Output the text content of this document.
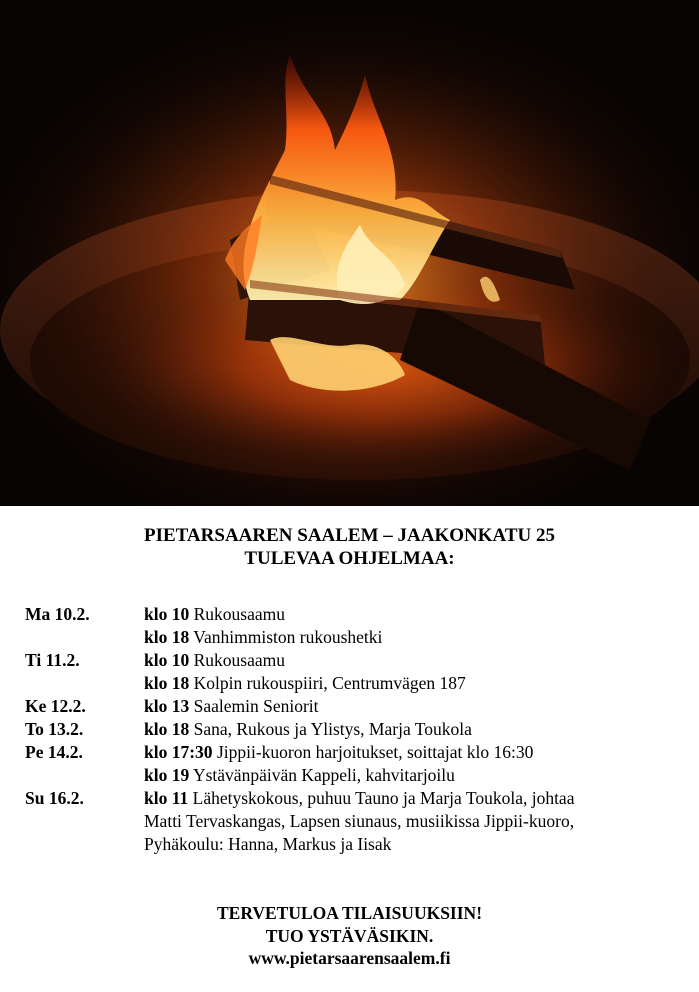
PIETARSAAREN SAALEM – JAAKONKATU 25
TULEVAA OHJELMAA:
Ma 10.2.	klo 10 Rukousaamu
klo 18 Vanhimmiston rukoushetki
Ti 11.2.	klo 10 Rukousaamu
klo 18 Kolpin rukouspiiri, Centrumvägen 187
Ke 12.2.	klo 13 Saalemin Seniorit
To 13.2.	klo 18 Sana, Rukous ja Ylistys, Marja Toukola
Pe 14.2.	klo 17:30 Jippii-kuoron harjoitukset, soittajat klo 16:30
klo 19 Ystävänpäivän Kappeli, kahvitarjoilu
Su 16.2.	klo 11 Lähetyskokous, puhuu Tauno ja Marja Toukola, johtaa
Matti Tervaskangas, Lapsen siunaus, musiikissa Jippii-kuoro,
Pyhäkoulu: Hanna, Markus ja Iisak
TERVETULOA TILAISUUKSIIN!
TUO YSTÄVÄSIKIN.
www.pietarsaarensaalem.fi
